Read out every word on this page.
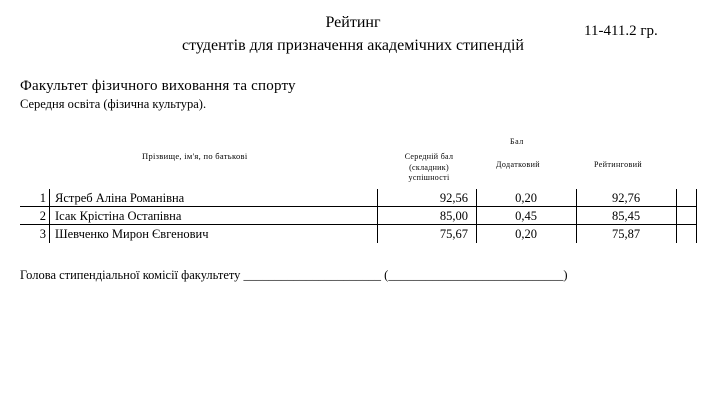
Рейтинг
студентів для призначення академічних стипендій
11-411.2 гр.
Факультет фізичного виховання та спорту
Середня освіта (фізична культура).
Бал
Прізвище, ім'я, по батькові	Середній бал (складник) успішності
Додатковий	Рейтинговий
1 Ястреб Аліна Романівна	92,56	0,20	92,76
2 Ісак Крістіна Остапівна	85,00	0,45	85,45
3 Шевченко Мирон Євгенович	75,67	0,20	75,87
Голова стипендіальної комісії факультету ______________________ (____________________________)
